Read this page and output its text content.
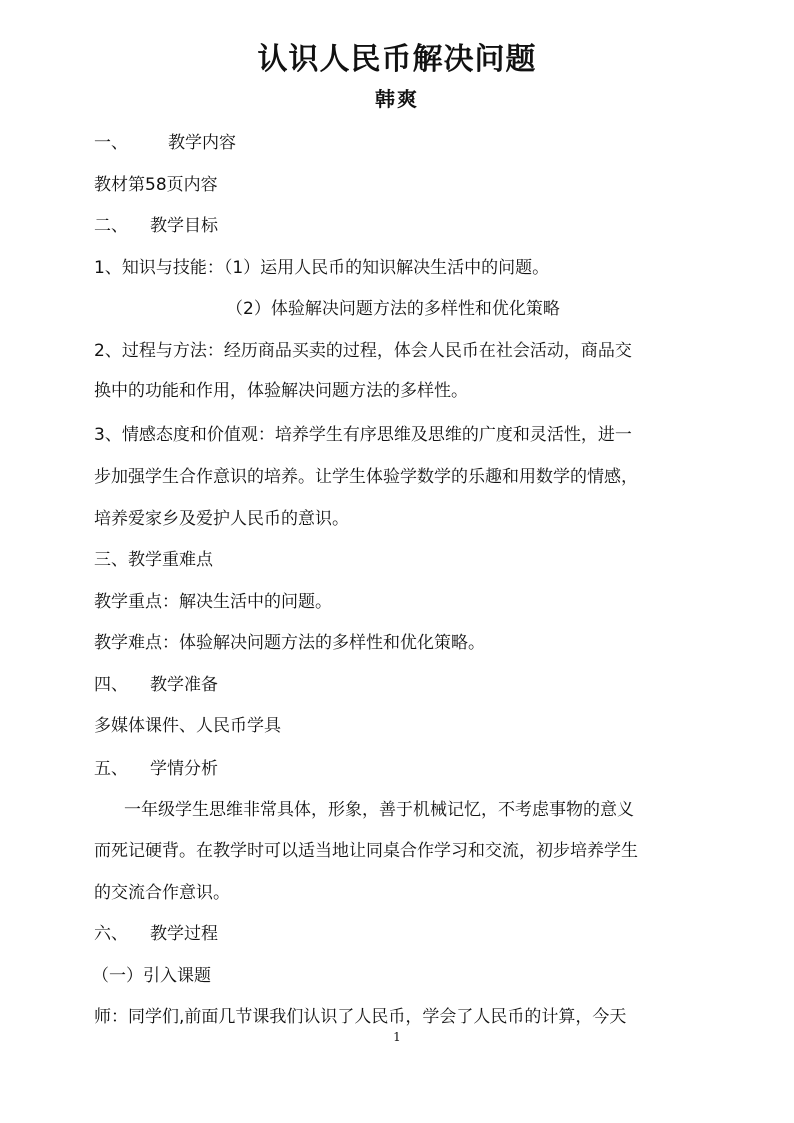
认识人民币解决问题
韩爽
一、 教学内容
教材第58页内容
二、 教学目标
1、知识与技能：（1）运用人民币的知识解决生活中的问题。
（2）体验解决问题方法的多样性和优化策略
2、过程与方法：经历商品买卖的过程，体会人民币在社会活动，商品交
换中的功能和作用，体验解决问题方法的多样性。
3、情感态度和价值观：培养学生有序思维及思维的广度和灵活性，进一
步加强学生合作意识的培养。让学生体验学数学的乐趣和用数学的情感，
培养爱家乡及爱护人民币的意识。
三、教学重难点
教学重点：解决生活中的问题。
教学难点：体验解决问题方法的多样性和优化策略。
四、 教学准备
多媒体课件、人民币学具
五、 学情分析
一年级学生思维非常具体，形象，善于机械记忆，不考虑事物的意义
而死记硬背。在教学时可以适当地让同桌合作学习和交流，初步培养学生
的交流合作意识。
六、 教学过程
（一）引入课题
师：同学们,前面几节课我们认识了人民币，学会了人民币的计算，今天
1
